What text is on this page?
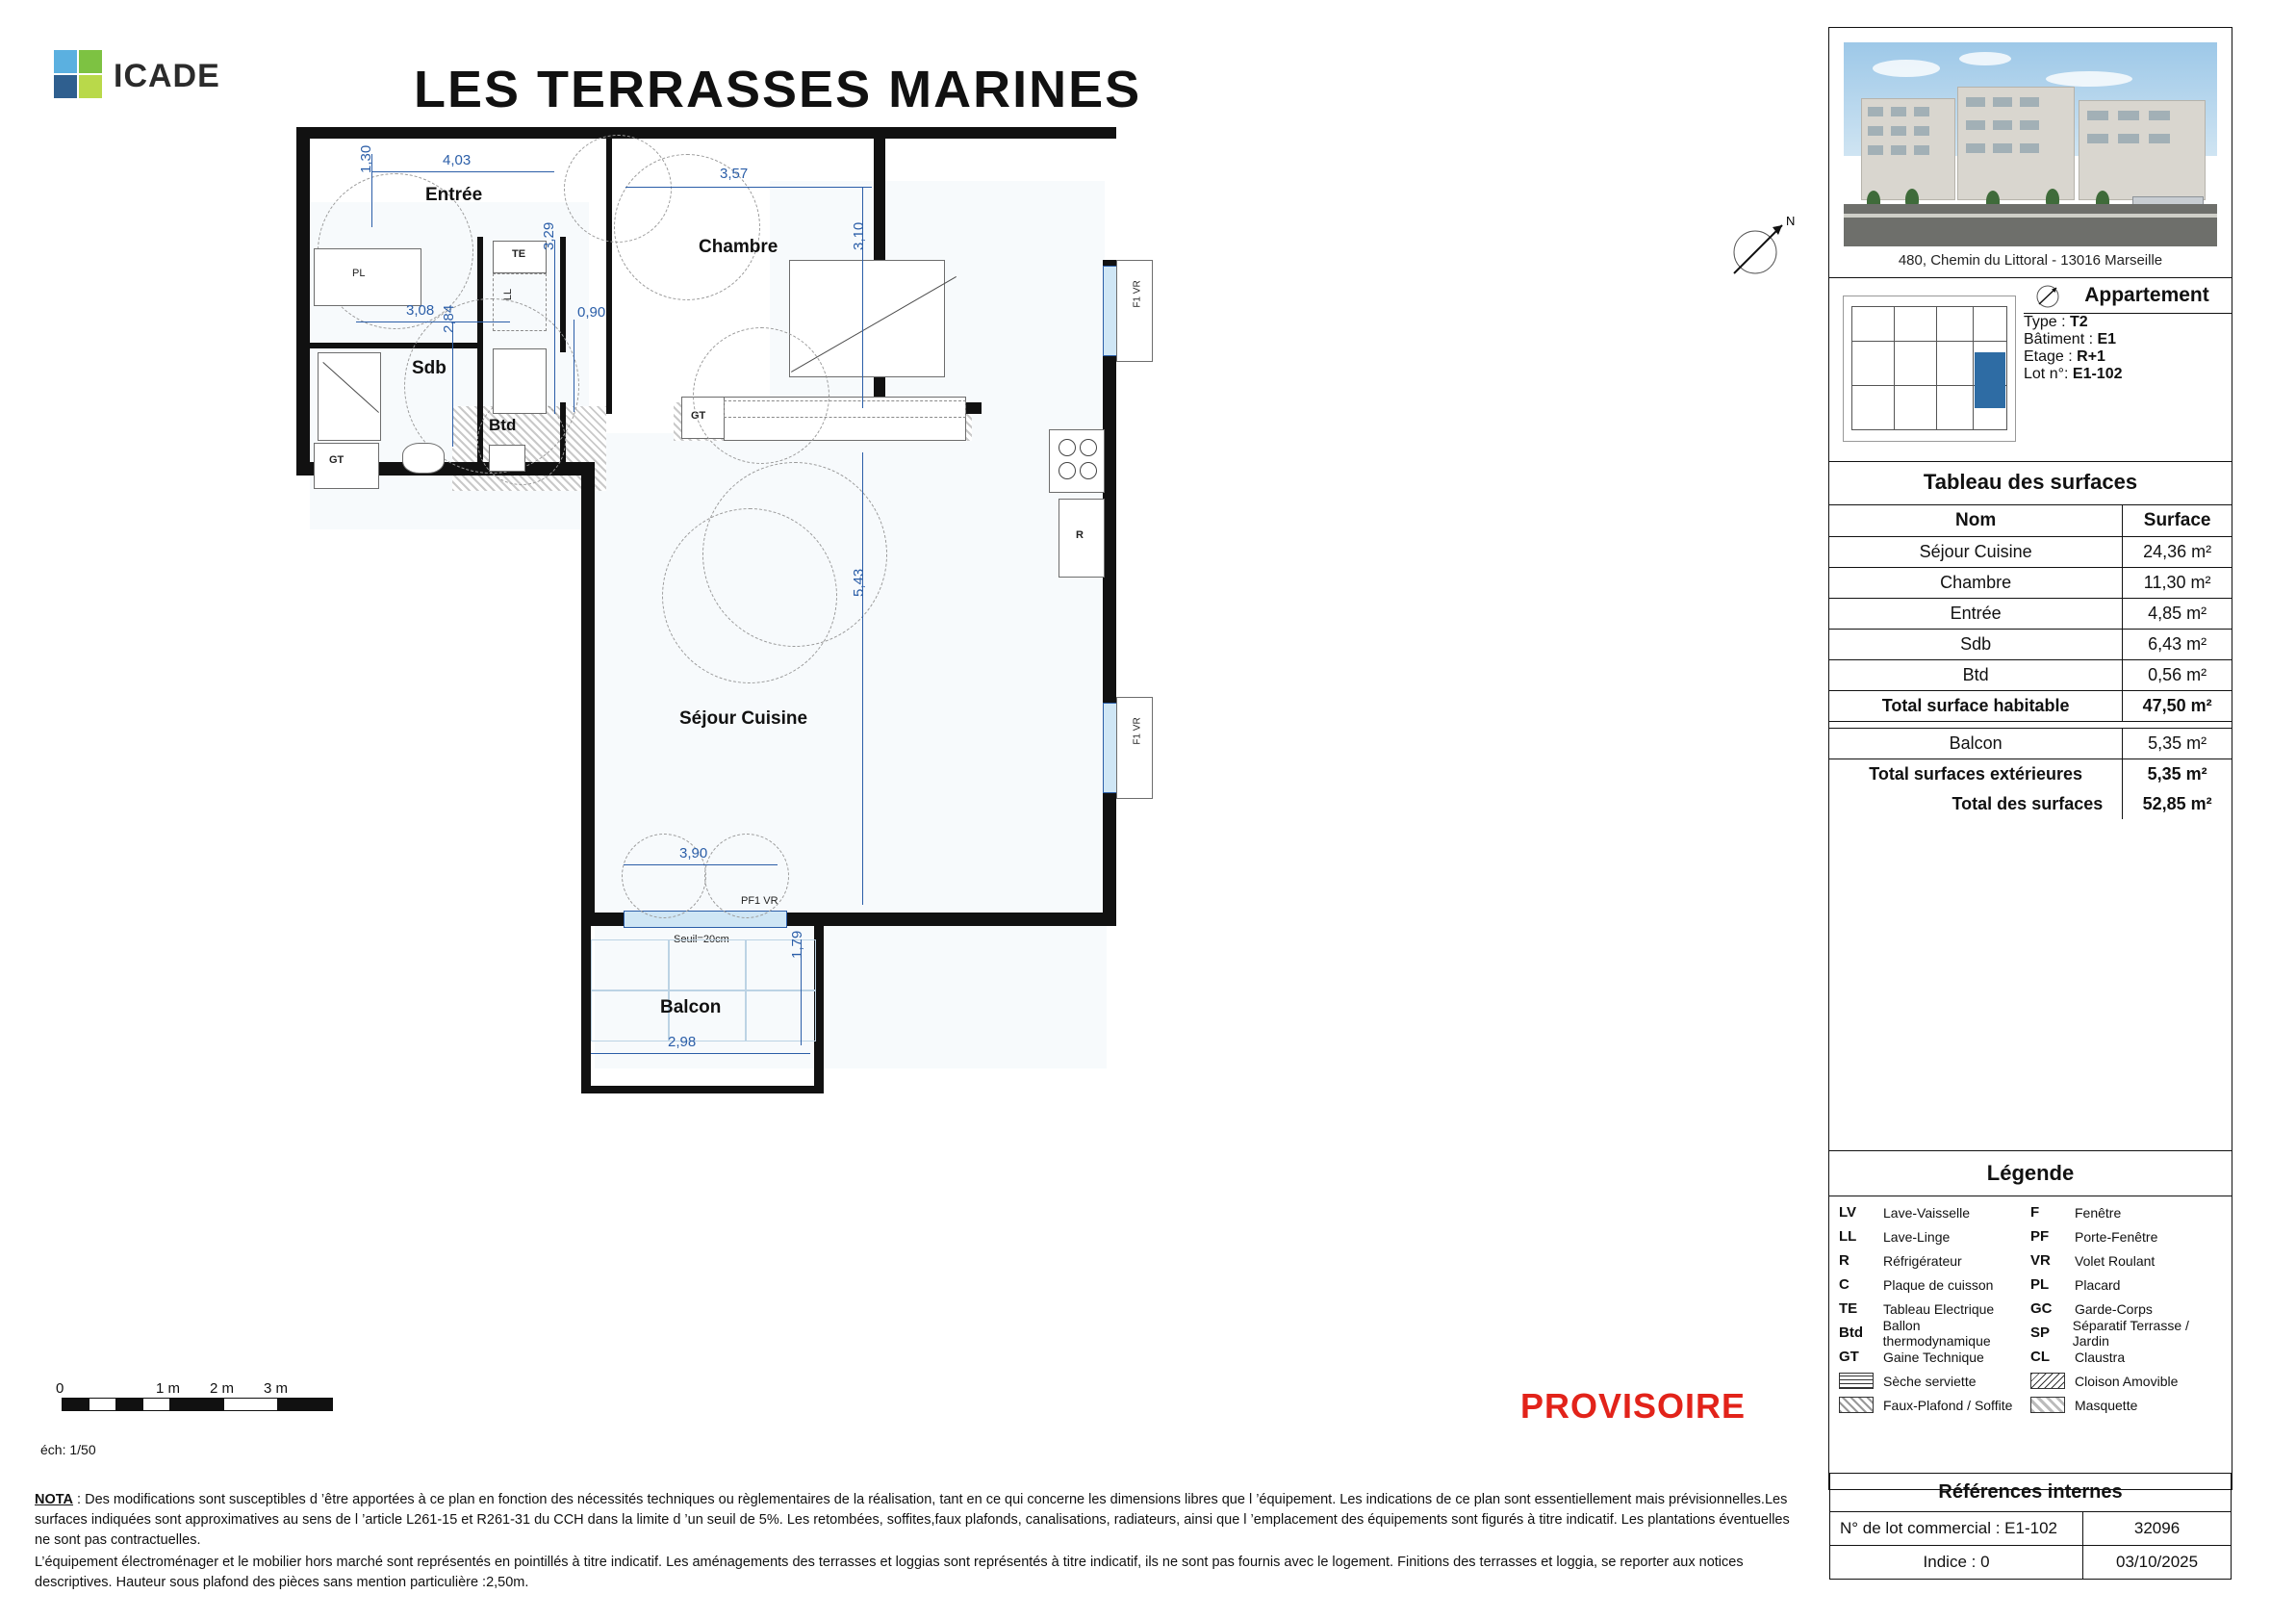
ICADE	LES TERRASSES MARINES
N
PL
GT
TE
LL
Btd	GT
R
F1 VR
F1 VR
PF1 VR
Seuil=20cm
Entrée
Chambre
Sdb
Séjour Cuisine
Balcon
4,03
1,30
3,57
3,10
3,29
3,08 2,84	0,90
5,43
3,90
2,98
1,79
PROVISOIRE
0	1 m 2 m 3 m
éch: 1/50
NOTA : Des modifications sont susceptibles d ’être apportées à ce plan en fonction des nécessités techniques ou règlementaires de la réalisation, tant en ce qui concerne les dimensions libres que l ’équipement. Les indications de ce plan sont essentiellement mais prévisionnelles.Les surfaces indiquées sont approximatives au sens de l ’article L261-15 et R261-31 du CCH dans la limite d ’un seuil de 5%. Les retombées, soffites,faux plafonds, canalisations, radiateurs, ainsi que l ’emplacement des équipements sont figurés à titre indicatif. Les plantations éventuelles ne sont pas contractuelles.
L’équipement électroménager et le mobilier hors marché sont représentés en pointillés à titre indicatif. Les aménagements des terrasses et loggias sont représentés à titre indicatif, ils ne sont pas fournis avec le logement. Finitions des terrasses et loggia, se reporter aux notices descriptives. Hauteur sous plafond des pièces sans mention particulière :2,50m.
480, Chemin du Littoral - 13016 Marseille
Appartement
Type : T2
Bâtiment : E1
Etage : R+1
Lot n°: E1-102
Tableau des surfaces
Nom	Surface
Séjour Cuisine	24,36 m²
Chambre	11,30 m²
Entrée	4,85 m²
Sdb	6,43 m²
Btd	0,56 m²
Total surface habitable	47,50 m²

Balcon	5,35 m²
Total surfaces extérieures	5,35 m²
Total des surfaces	52,85 m²
Légende
LV	Lave-Vaisselle
LL	Lave-Linge
R	Réfrigérateur
C	Plaque de cuisson
TE	Tableau Electrique
Btd	Ballon thermodynamique
GT	Gaine Technique
Sèche serviette
Faux-Plafond / Soffite
F	Fenêtre
PF	Porte-Fenêtre
VR	Volet Roulant
PL	Placard
GC	Garde-Corps
SP	Séparatif Terrasse / Jardin
CL	Claustra
Cloison Amovible
Masquette
Références internes
N° de lot commercial : E1-102	32096
Indice : 0	03/10/2025
